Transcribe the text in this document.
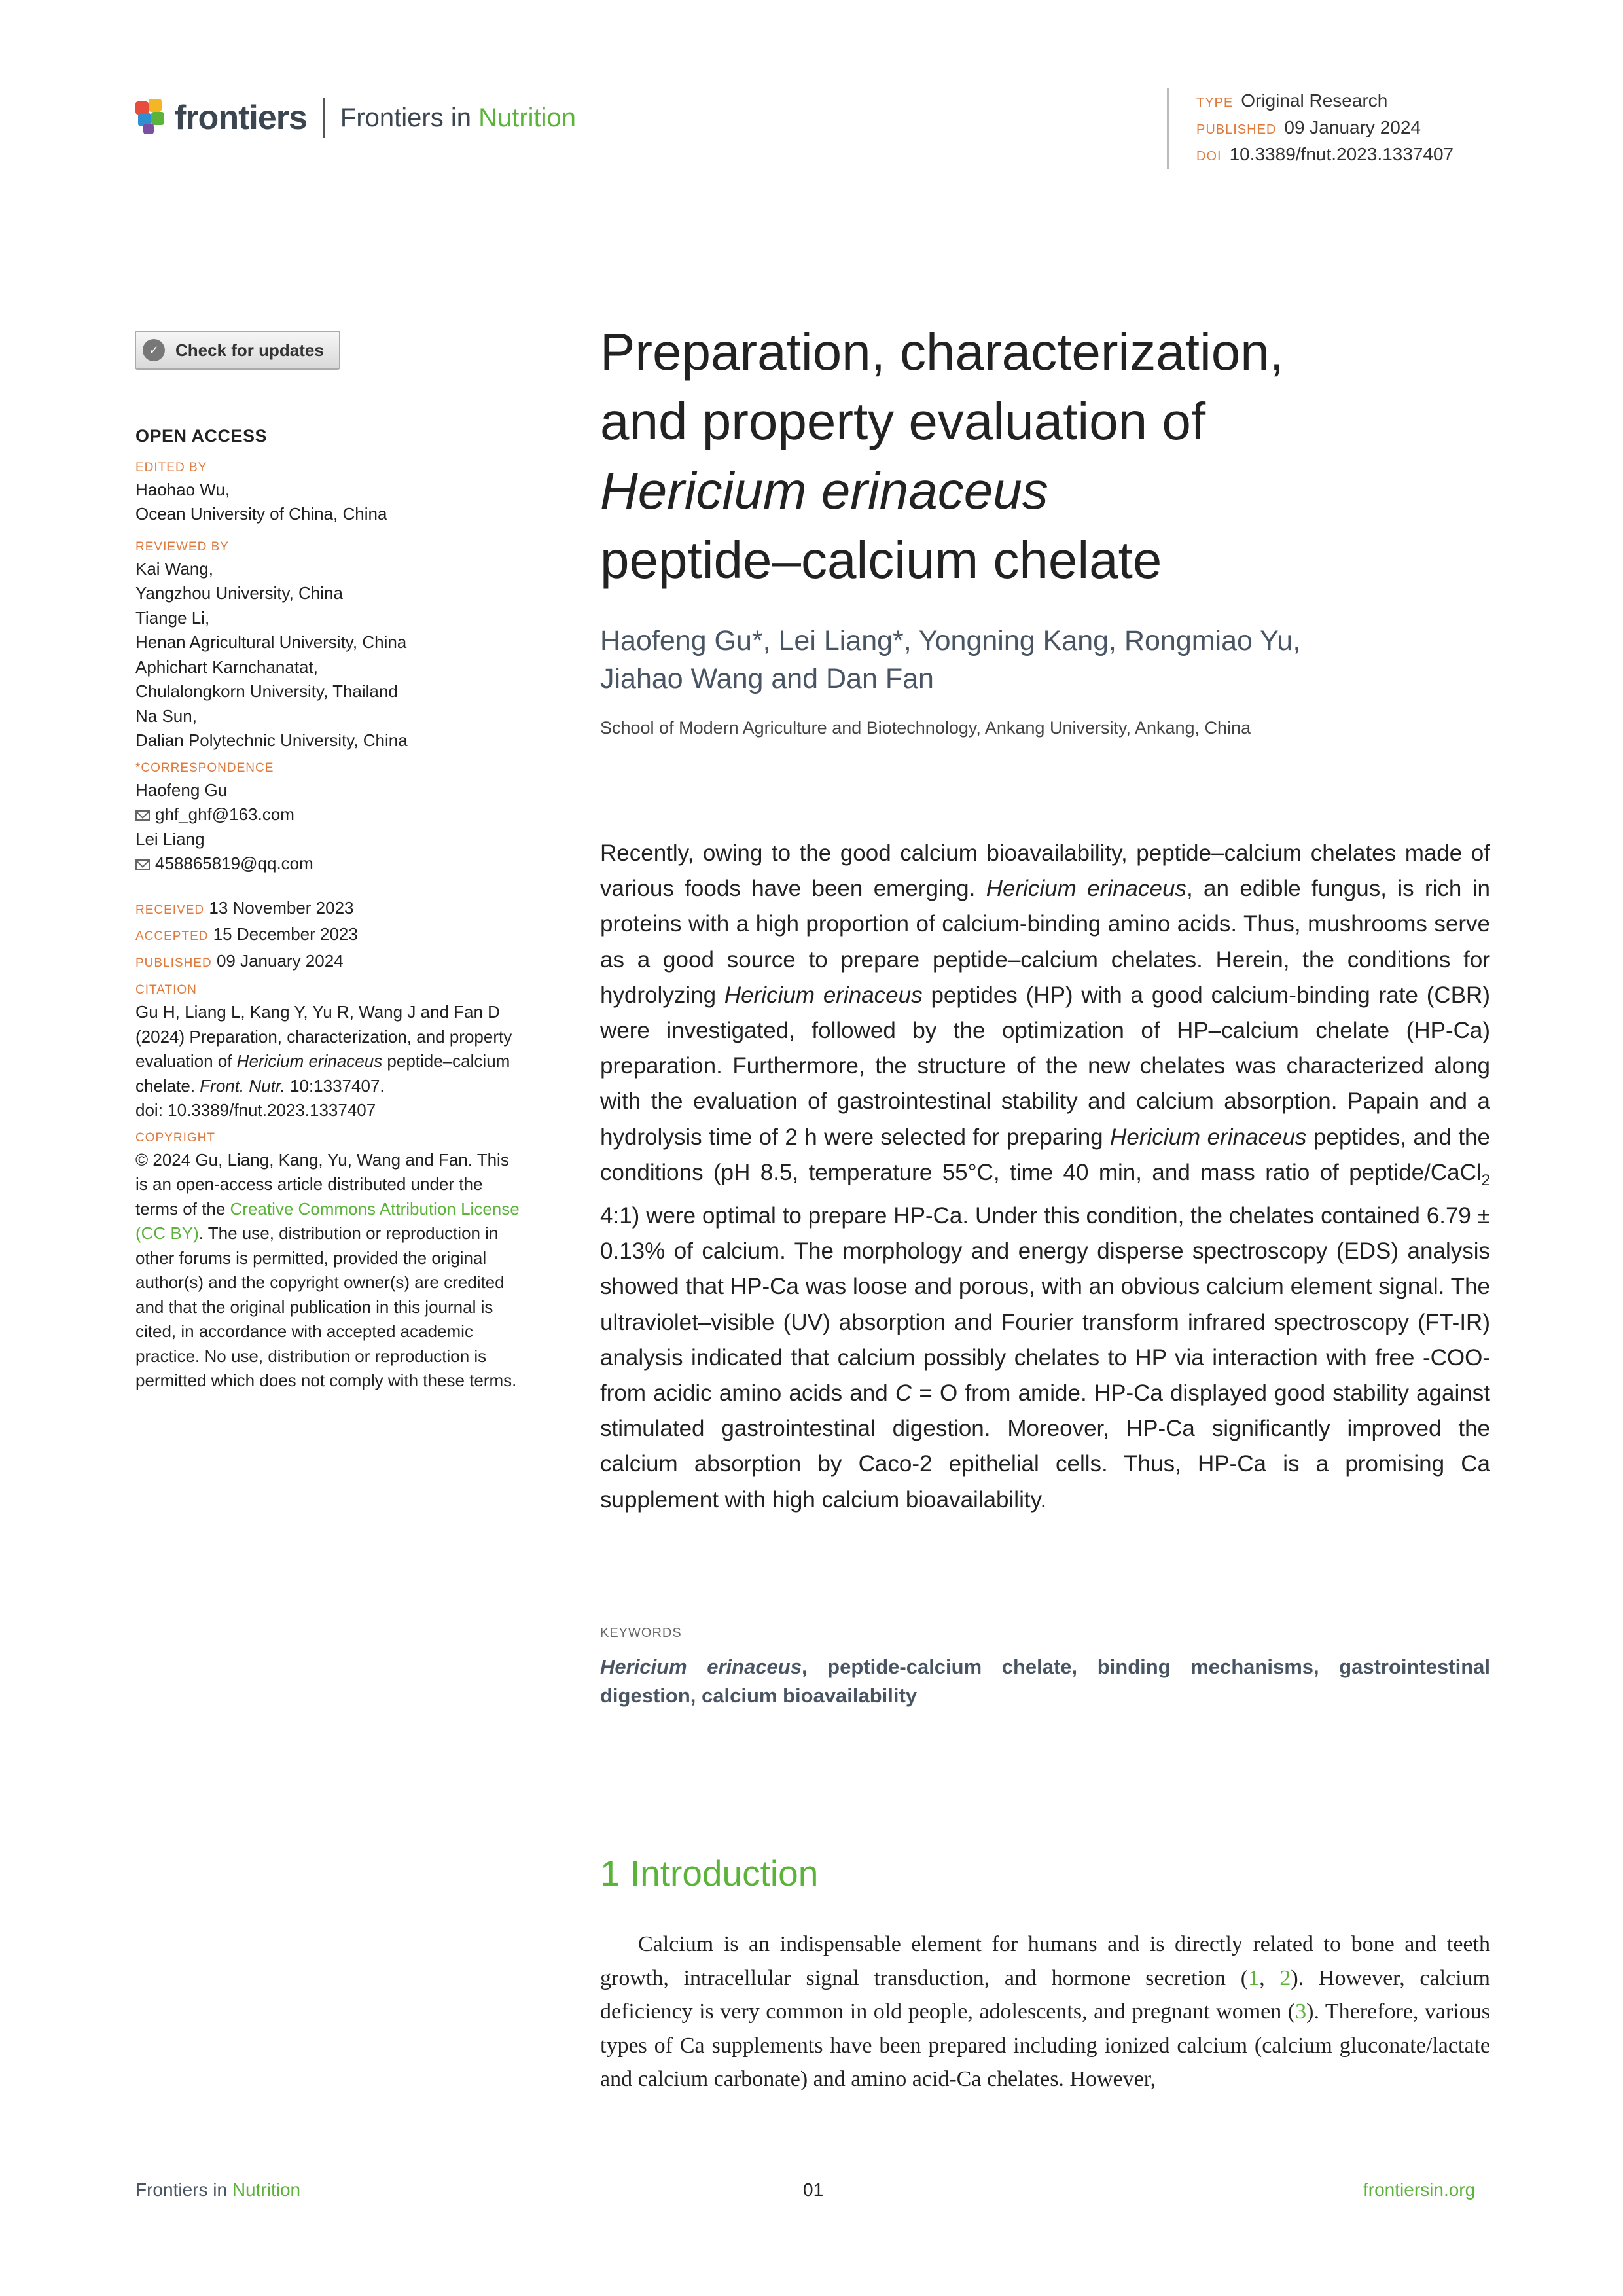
frontiers Frontiers in Nutrition
TYPE Original Research
PUBLISHED 09 January 2024
DOI 10.3389/fnut.2023.1337407
✓ Check for updates
OPEN ACCESS
EDITED BY
Haohao Wu,
Ocean University of China, China
REVIEWED BY
Kai Wang,
Yangzhou University, China
Tiange Li,
Henan Agricultural University, China
Aphichart Karnchanatat,
Chulalongkorn University, Thailand
Na Sun,
Dalian Polytechnic University, China
*CORRESPONDENCE
Haofeng Gu
ghf_ghf@163.com
Lei Liang
458865819@qq.com
RECEIVED 13 November 2023
ACCEPTED 15 December 2023
PUBLISHED 09 January 2024
CITATION
Gu H, Liang L, Kang Y, Yu R, Wang J and Fan D (2024) Preparation, characterization, and property evaluation of Hericium erinaceus peptide–calcium chelate. Front. Nutr. 10:1337407.
doi: 10.3389/fnut.2023.1337407
COPYRIGHT
© 2024 Gu, Liang, Kang, Yu, Wang and Fan. This is an open-access article distributed under the terms of the Creative Commons Attribution License (CC BY). The use, distribution or reproduction in other forums is permitted, provided the original author(s) and the copyright owner(s) are credited and that the original publication in this journal is cited, in accordance with accepted academic practice. No use, distribution or reproduction is permitted which does not comply with these terms.
Preparation, characterization,
and property evaluation of
Hericium erinaceus
peptide–calcium chelate
Haofeng Gu*, Lei Liang*, Yongning Kang, Rongmiao Yu,
Jiahao Wang and Dan Fan
School of Modern Agriculture and Biotechnology, Ankang University, Ankang, China
Recently, owing to the good calcium bioavailability, peptide–calcium chelates made of various foods have been emerging. Hericium erinaceus, an edible fungus, is rich in proteins with a high proportion of calcium-binding amino acids. Thus, mushrooms serve as a good source to prepare peptide–calcium chelates. Herein, the conditions for hydrolyzing Hericium erinaceus peptides (HP) with a good calcium-binding rate (CBR) were investigated, followed by the optimization of HP–calcium chelate (HP-Ca) preparation. Furthermore, the structure of the new chelates was characterized along with the evaluation of gastrointestinal stability and calcium absorption. Papain and a hydrolysis time of 2 h were selected for preparing Hericium erinaceus peptides, and the conditions (pH 8.5, temperature 55°C, time 40 min, and mass ratio of peptide/CaCl$_2$ 4:1) were optimal to prepare HP-Ca. Under this condition, the chelates contained 6.79 ± 0.13% of calcium. The morphology and energy disperse spectroscopy (EDS) analysis showed that HP-Ca was loose and porous, with an obvious calcium element signal. The ultraviolet–visible (UV) absorption and Fourier transform infrared spectroscopy (FT-IR) analysis indicated that calcium possibly chelates to HP via interaction with free -COO- from acidic amino acids and C = O from amide. HP-Ca displayed good stability against stimulated gastrointestinal digestion. Moreover, HP-Ca significantly improved the calcium absorption by Caco-2 epithelial cells. Thus, HP-Ca is a promising Ca supplement with high calcium bioavailability.
KEYWORDS
Hericium erinaceus, peptide-calcium chelate, binding mechanisms, gastrointestinal digestion, calcium bioavailability
1 Introduction
Calcium is an indispensable element for humans and is directly related to bone and teeth growth, intracellular signal transduction, and hormone secretion (1, 2). However, calcium deficiency is very common in old people, adolescents, and pregnant women (3). Therefore, various types of Ca supplements have been prepared including ionized calcium (calcium gluconate/lactate and calcium carbonate) and amino acid-Ca chelates. However,
Frontiers in Nutrition	01	frontiersin.org
